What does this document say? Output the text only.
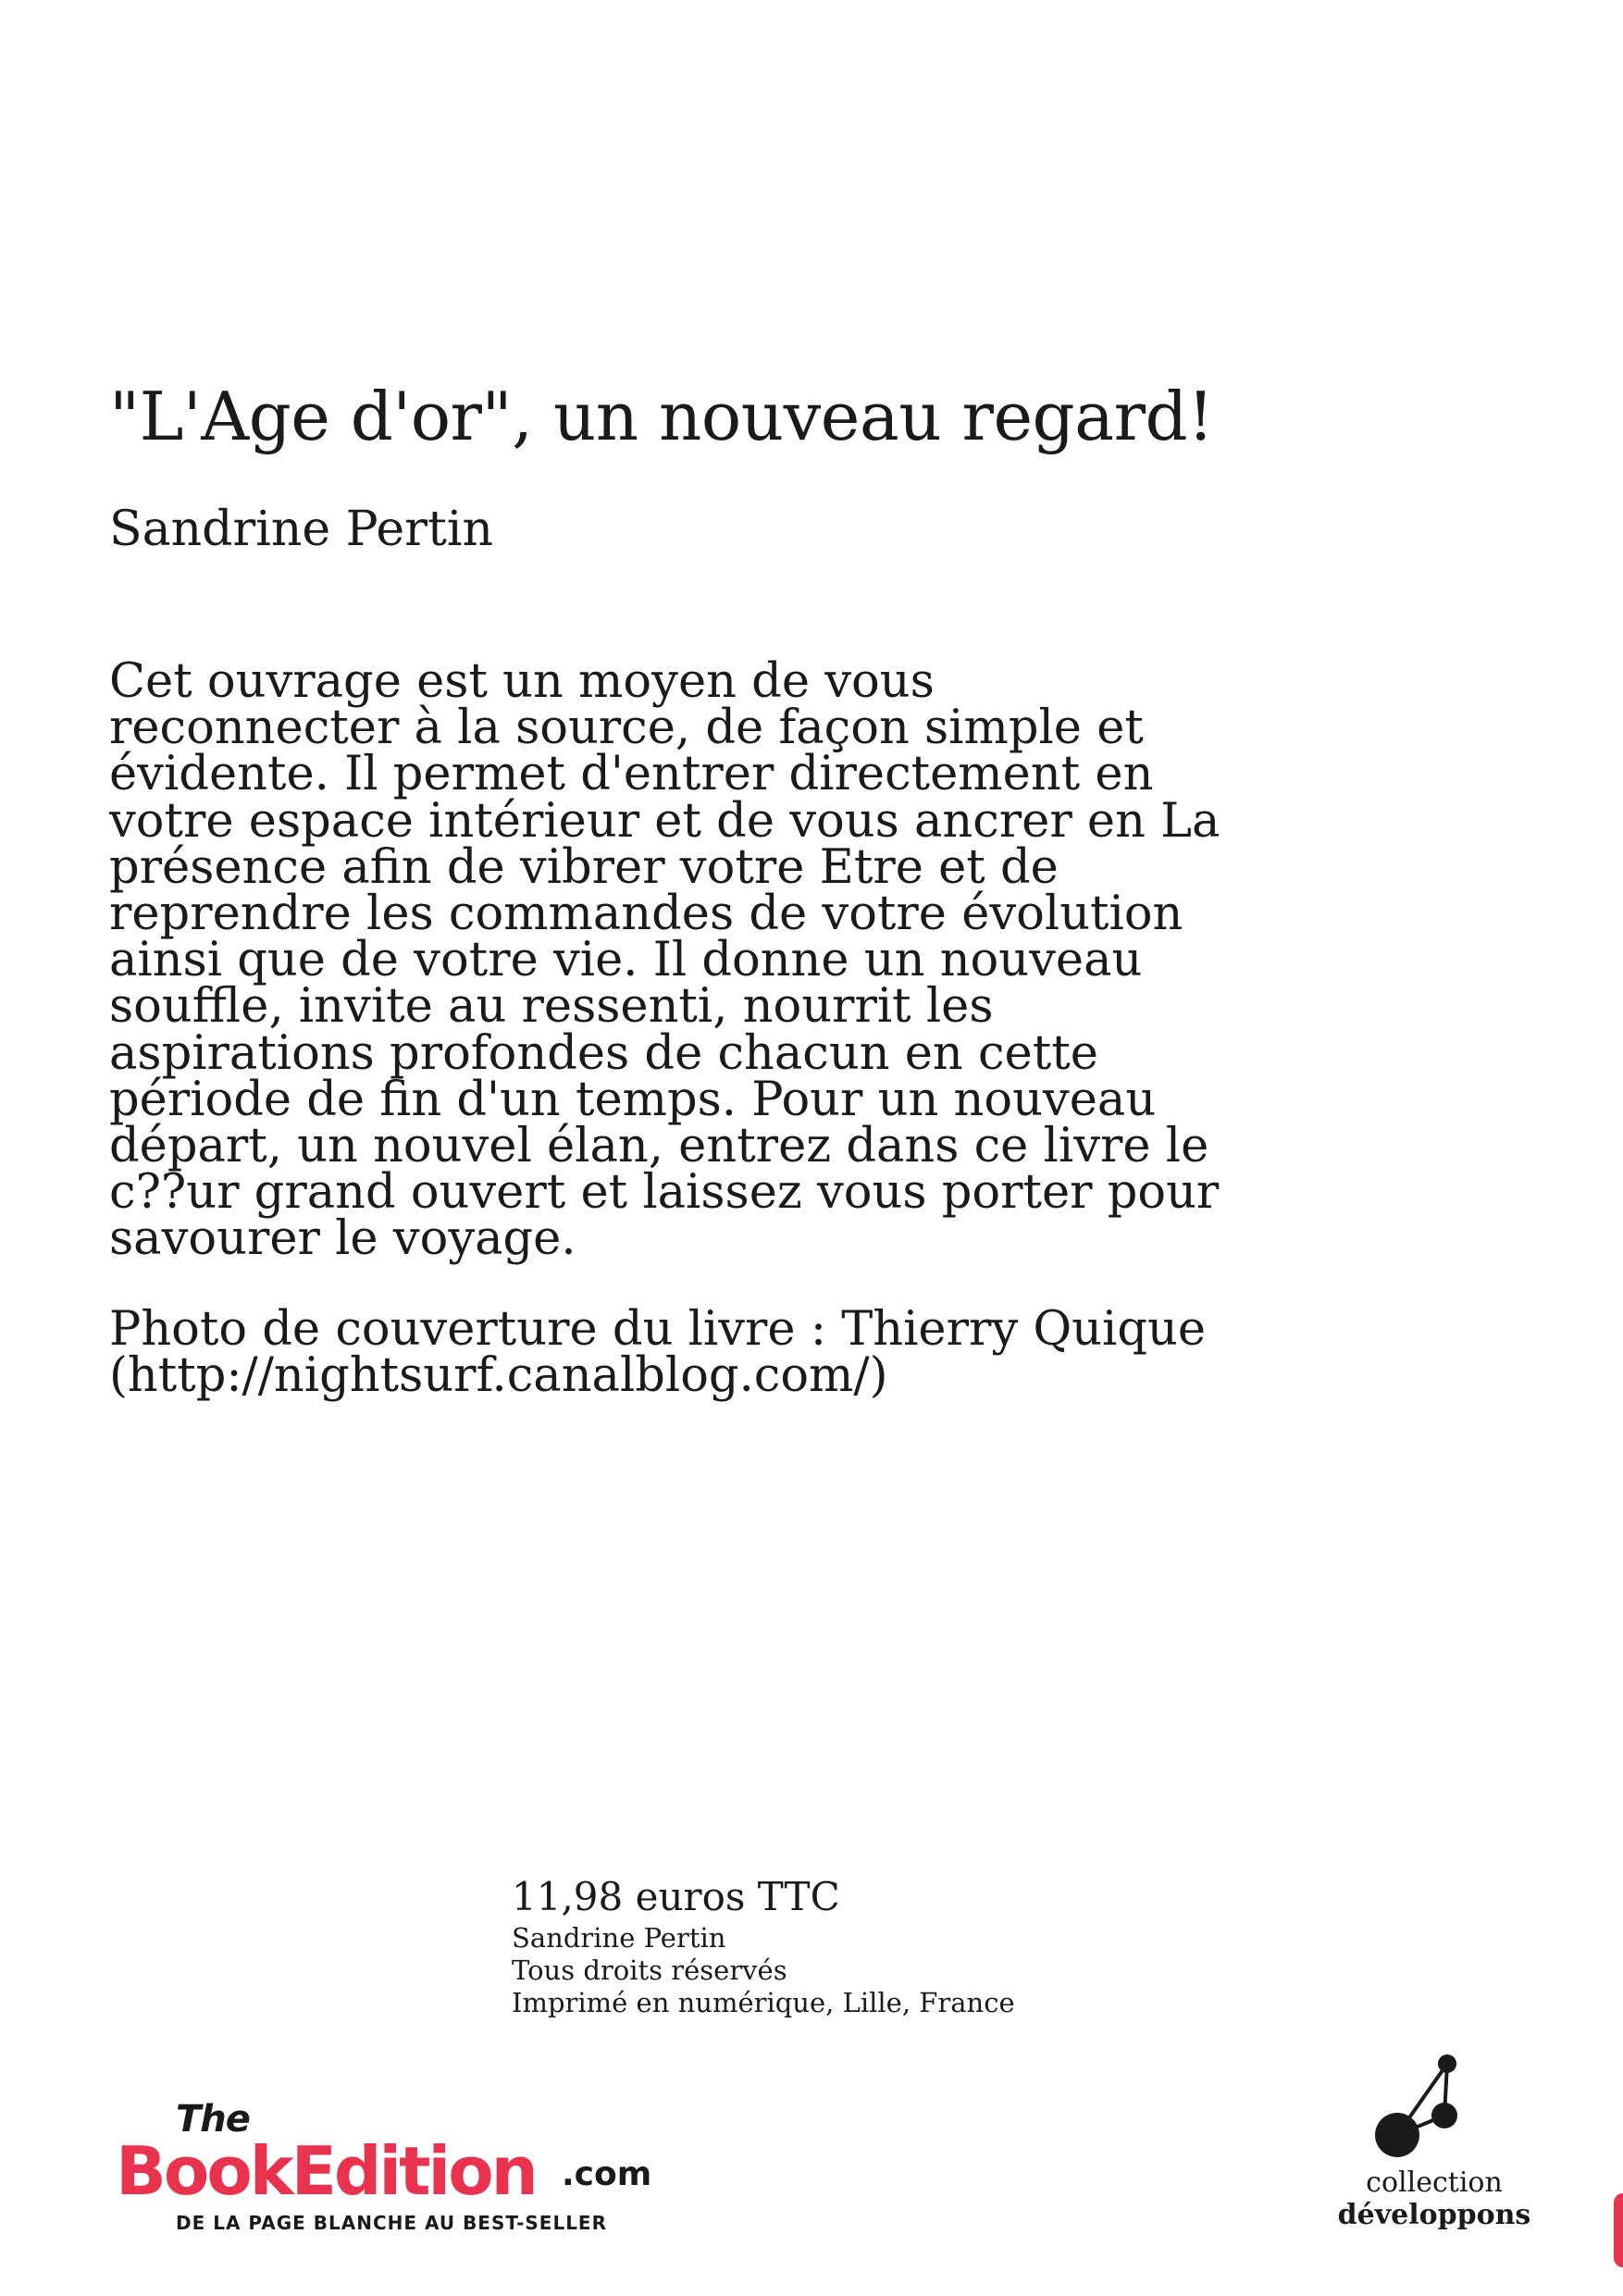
"L'Age d'or", un nouveau regard!
Sandrine Pertin

Cet ouvrage est un moyen de vous
reconnecter à la source, de façon simple et
évidente. Il permet d'entrer directement en
votre espace intérieur et de vous ancrer en La
présence afin de vibrer votre Etre et de
reprendre les commandes de votre évolution
ainsi que de votre vie. Il donne un nouveau
souffle, invite au ressenti, nourrit les
aspirations profondes de chacun en cette
période de fin d'un temps. Pour un nouveau
départ, un nouvel élan, entrez dans ce livre le
c??ur grand ouvert et laissez vous porter pour
savourer le voyage.

Photo de couverture du livre : Thierry Quique
(http://nightsurf.canalblog.com/)

11,98 euros TTC

Sandrine Pertin
Tous droits réservés
Imprimé en numérique, Lille, France

The
BookEdition .com
DE LA PAGE BLANCHE AU BEST-SELLER
collection
développons
